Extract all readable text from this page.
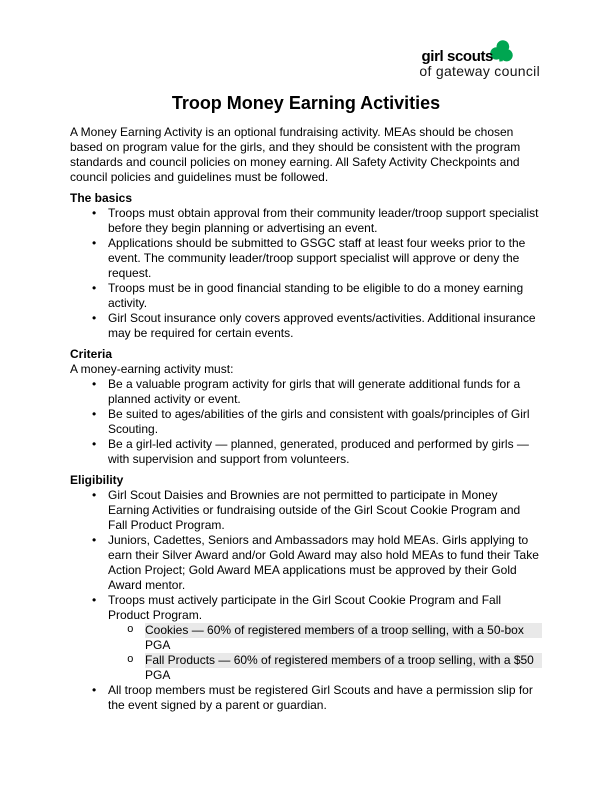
girl scouts
of gateway council
Troop Money Earning Activities

A Money Earning Activity is an optional fundraising activity. MEAs should be chosen based on program value for the girls, and they should be consistent with the program standards and council policies on money earning. All Safety Activity Checkpoints and council policies and guidelines must be followed.

The basics
• Troops must obtain approval from their community leader/troop support specialist before they begin planning or advertising an event.
• Applications should be submitted to GSGC staff at least four weeks prior to the event. The community leader/troop support specialist will approve or deny the request.
• Troops must be in good financial standing to be eligible to do a money earning activity.
• Girl Scout insurance only covers approved events/activities. Additional insurance may be required for certain events.
Criteria

A money-earning activity must:

• Be a valuable program activity for girls that will generate additional funds for a planned activity or event.
• Be suited to ages/abilities of the girls and consistent with goals/principles of Girl Scouting.
• Be a girl-led activity — planned, generated, produced and performed by girls — with supervision and support from volunteers.
Eligibility
• Girl Scout Daisies and Brownies are not permitted to participate in Money Earning Activities or fundraising outside of the Girl Scout Cookie Program and Fall Product Program.
• Juniors, Cadettes, Seniors and Ambassadors may hold MEAs. Girls applying to earn their Silver Award and/or Gold Award may also hold MEAs to fund their Take Action Project; Gold Award MEA applications must be approved by their Gold Award mentor.
• Troops must actively participate in the Girl Scout Cookie Program and Fall Product Program.
o Cookies — 60% of registered members of a troop selling, with a 50-box
PGA
o Fall Products — 60% of registered members of a troop selling, with a $50
PGA
• All troop members must be registered Girl Scouts and have a permission slip for the event signed by a parent or guardian.
